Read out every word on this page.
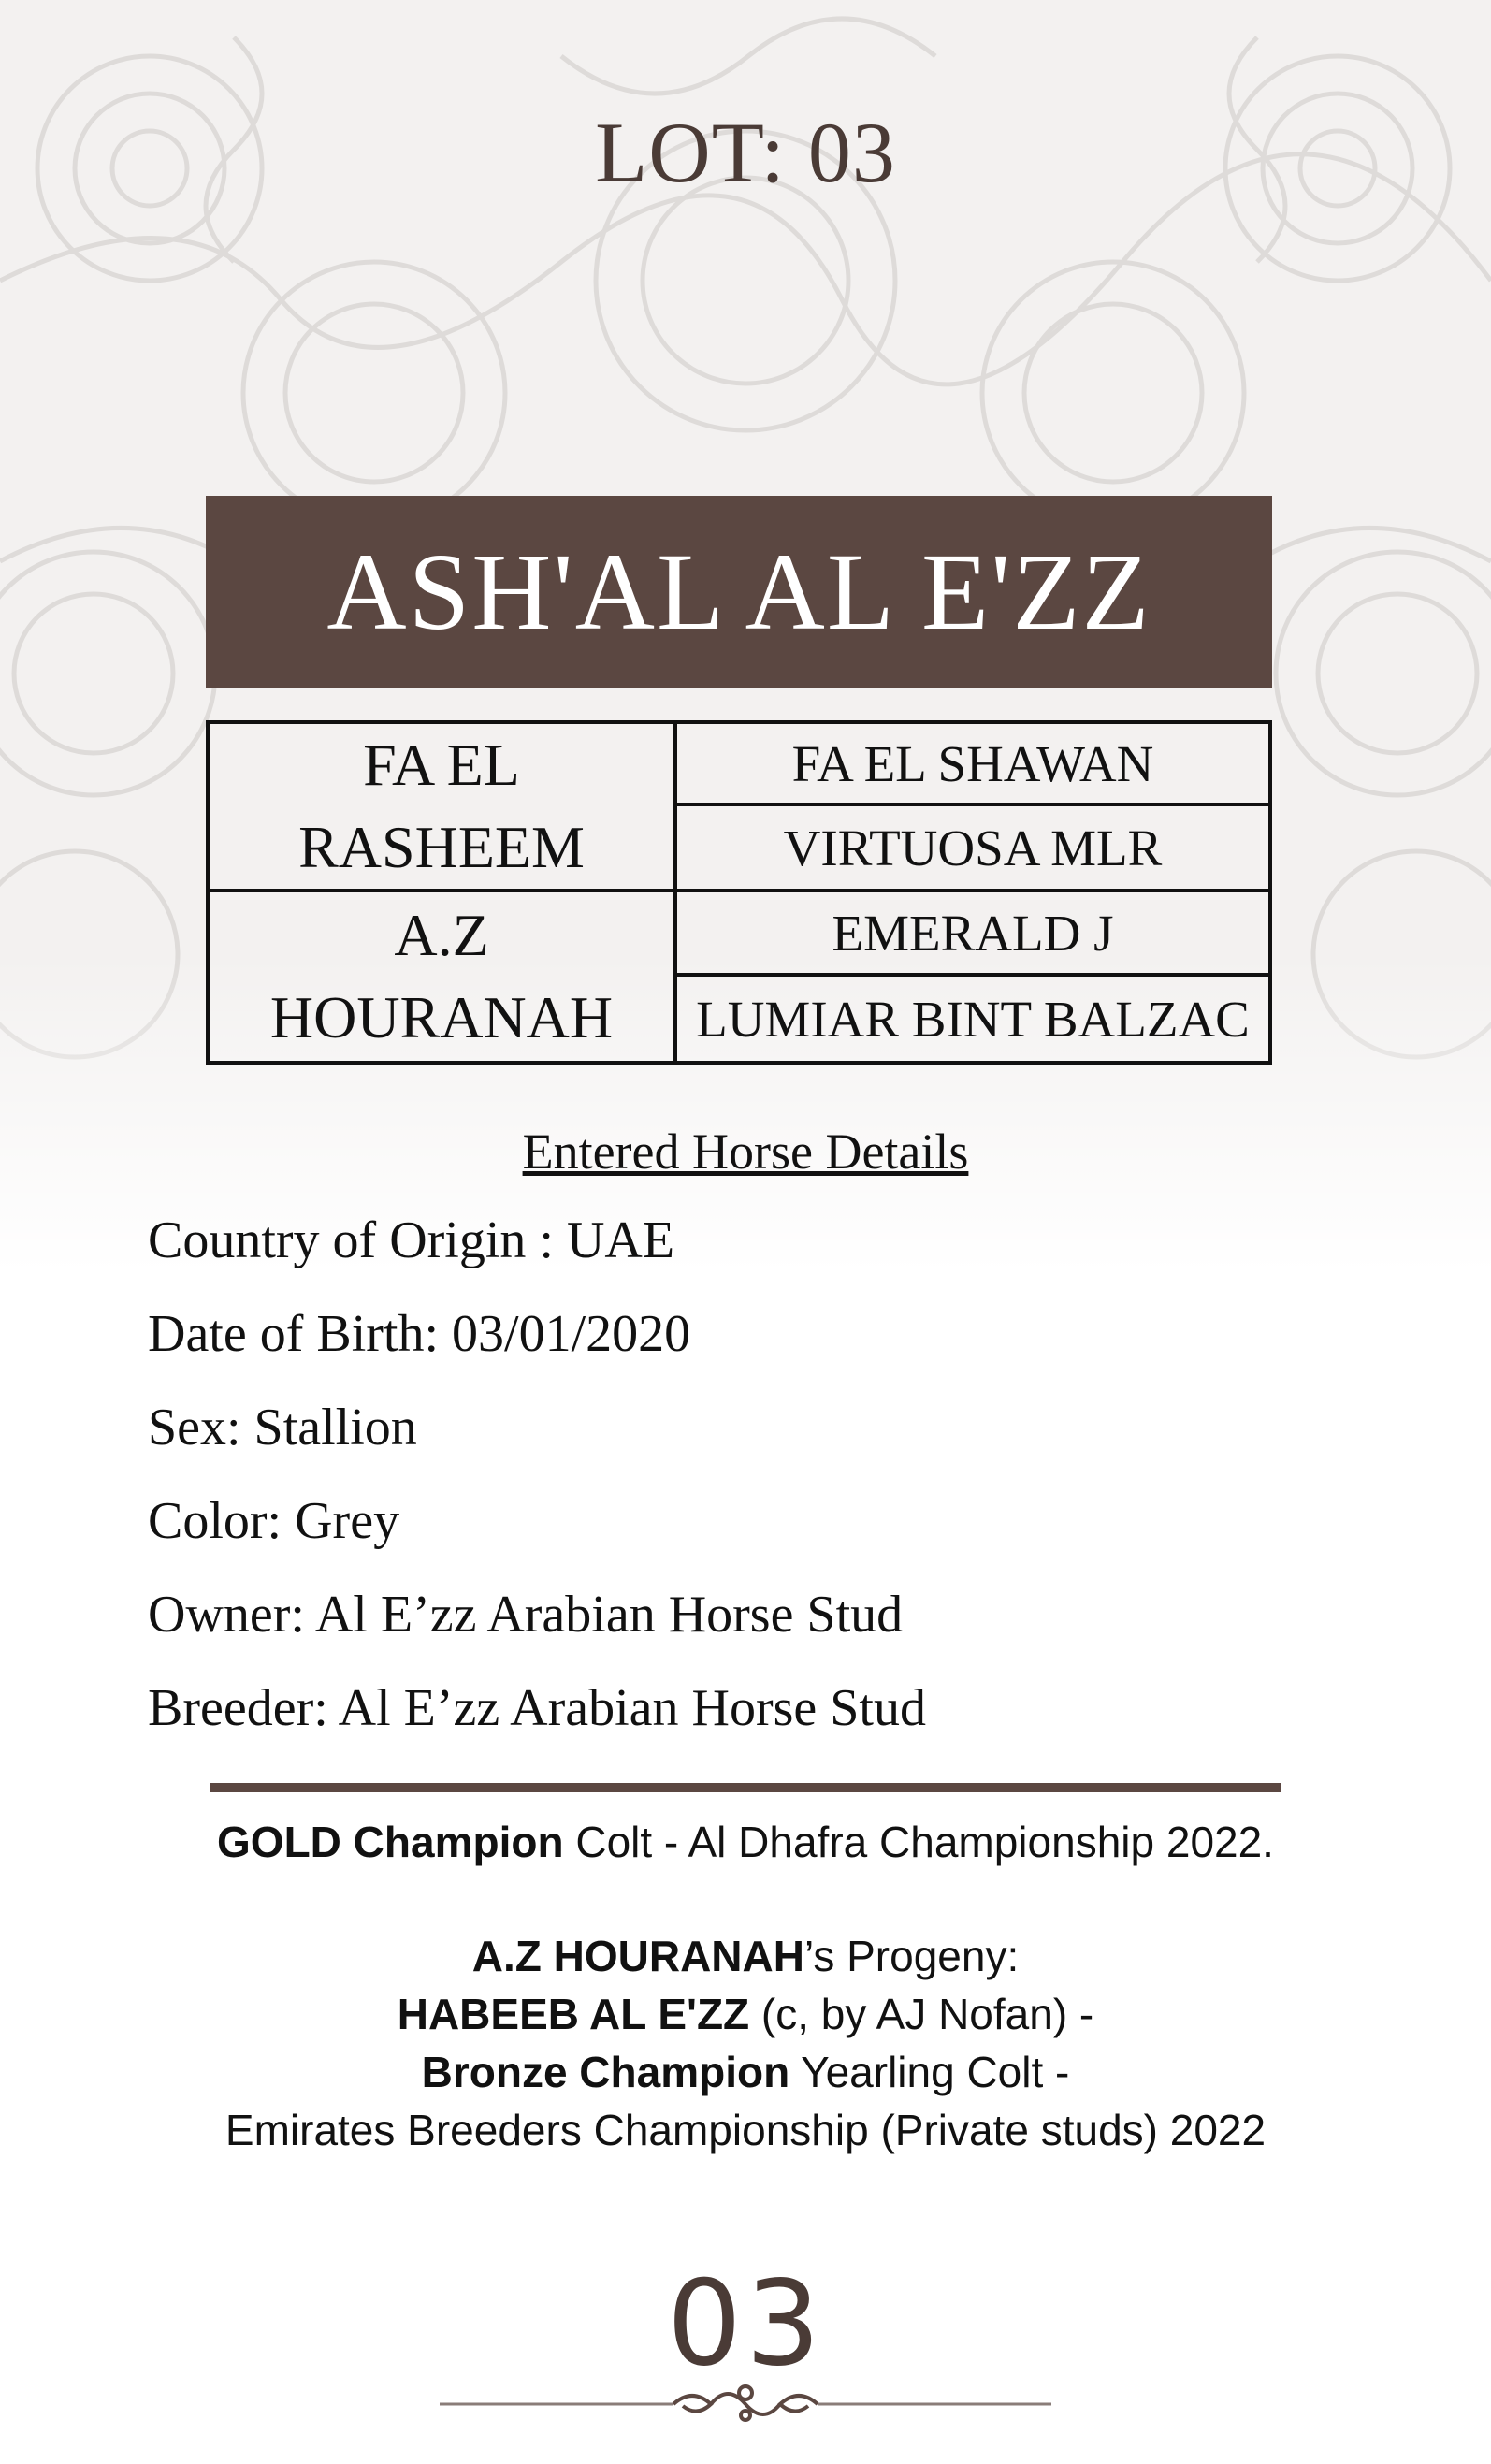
LOT: 03
ASH'AL AL E'ZZ
FA EL
RASHEEM
FA EL SHAWAN
VIRTUOSA MLR
A.Z
HOURANAH
EMERALD J
LUMIAR BINT BALZAC
Entered Horse Details
Country of Origin : UAE
Date of Birth: 03/01/2020
Sex: Stallion
Color: Grey
Owner: Al E’zz Arabian Horse Stud
Breeder: Al E’zz Arabian Horse Stud
GOLD Champion Colt - Al Dhafra Championship 2022.
A.Z HOURANAH’s Progeny:
HABEEB AL E'ZZ (c, by AJ Nofan) -
Bronze Champion Yearling Colt -
Emirates Breeders Championship (Private studs) 2022
03
